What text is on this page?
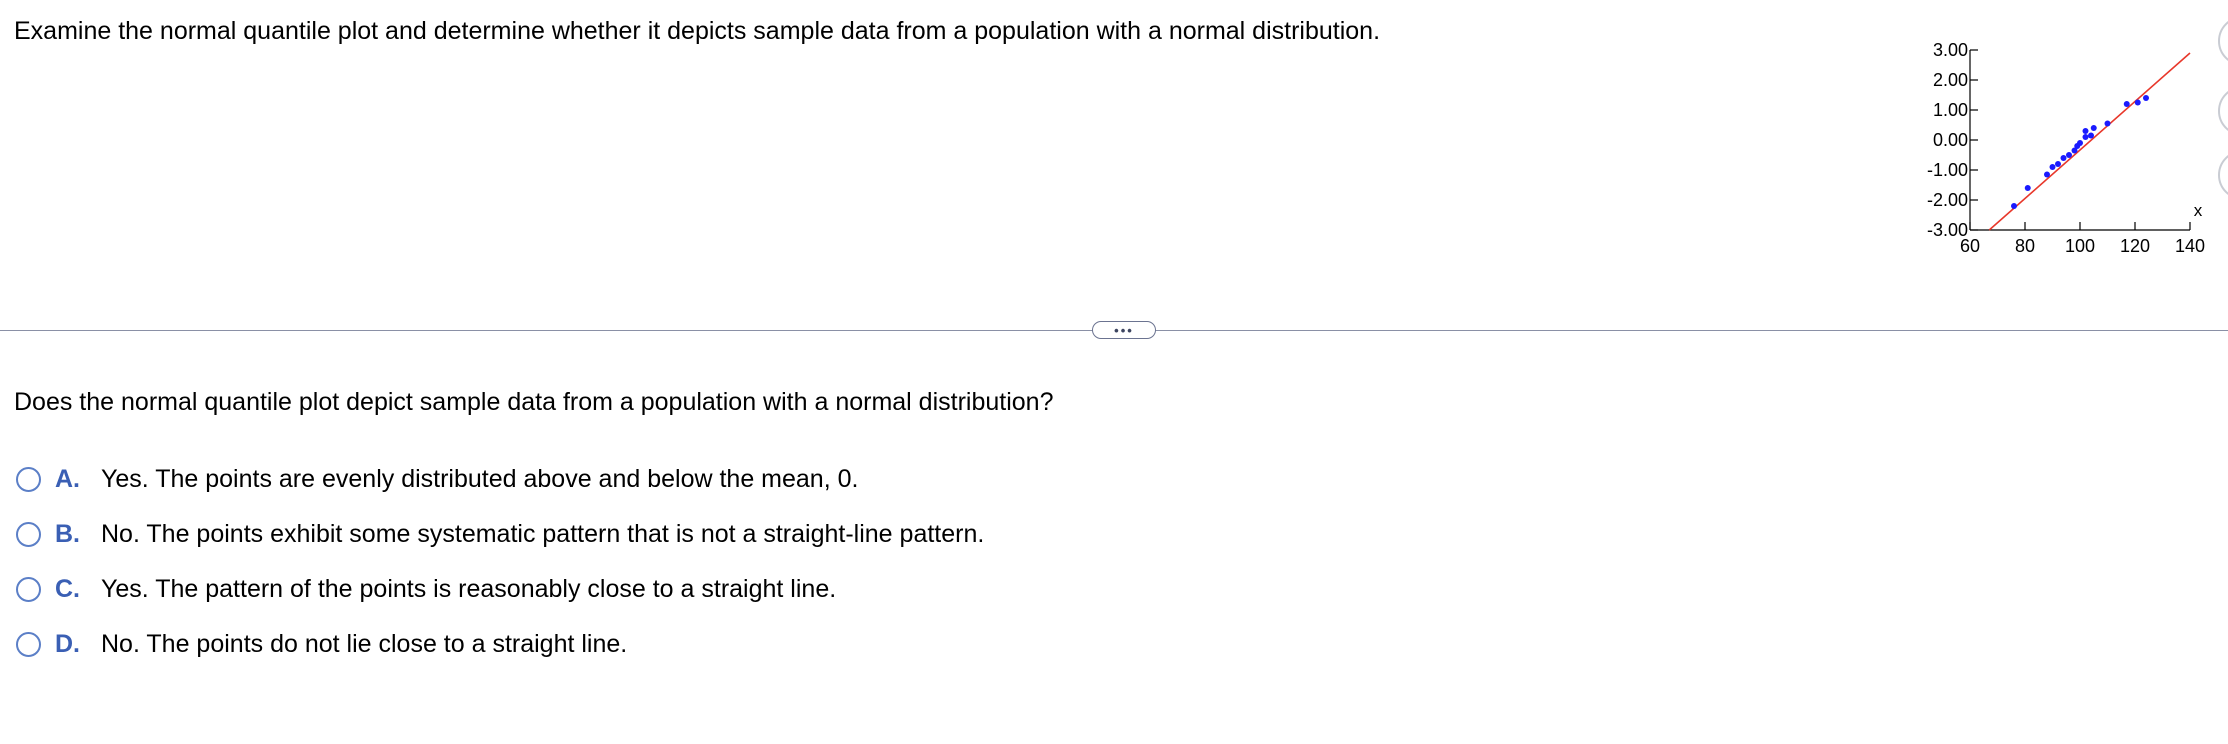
Examine the normal quantile plot and determine whether it depicts sample data from a population with a normal distribution.
3.00
2.00
1.00
0.00
-1.00
-2.00
-3.00
60 80 100 120 140
x
•••
Does the normal quantile plot depict sample data from a population with a normal distribution?
A. Yes. The points are evenly distributed above and below the mean, 0.
B. No. The points exhibit some systematic pattern that is not a straight-line pattern.
C. Yes. The pattern of the points is reasonably close to a straight line.
D. No. The points do not lie close to a straight line.
